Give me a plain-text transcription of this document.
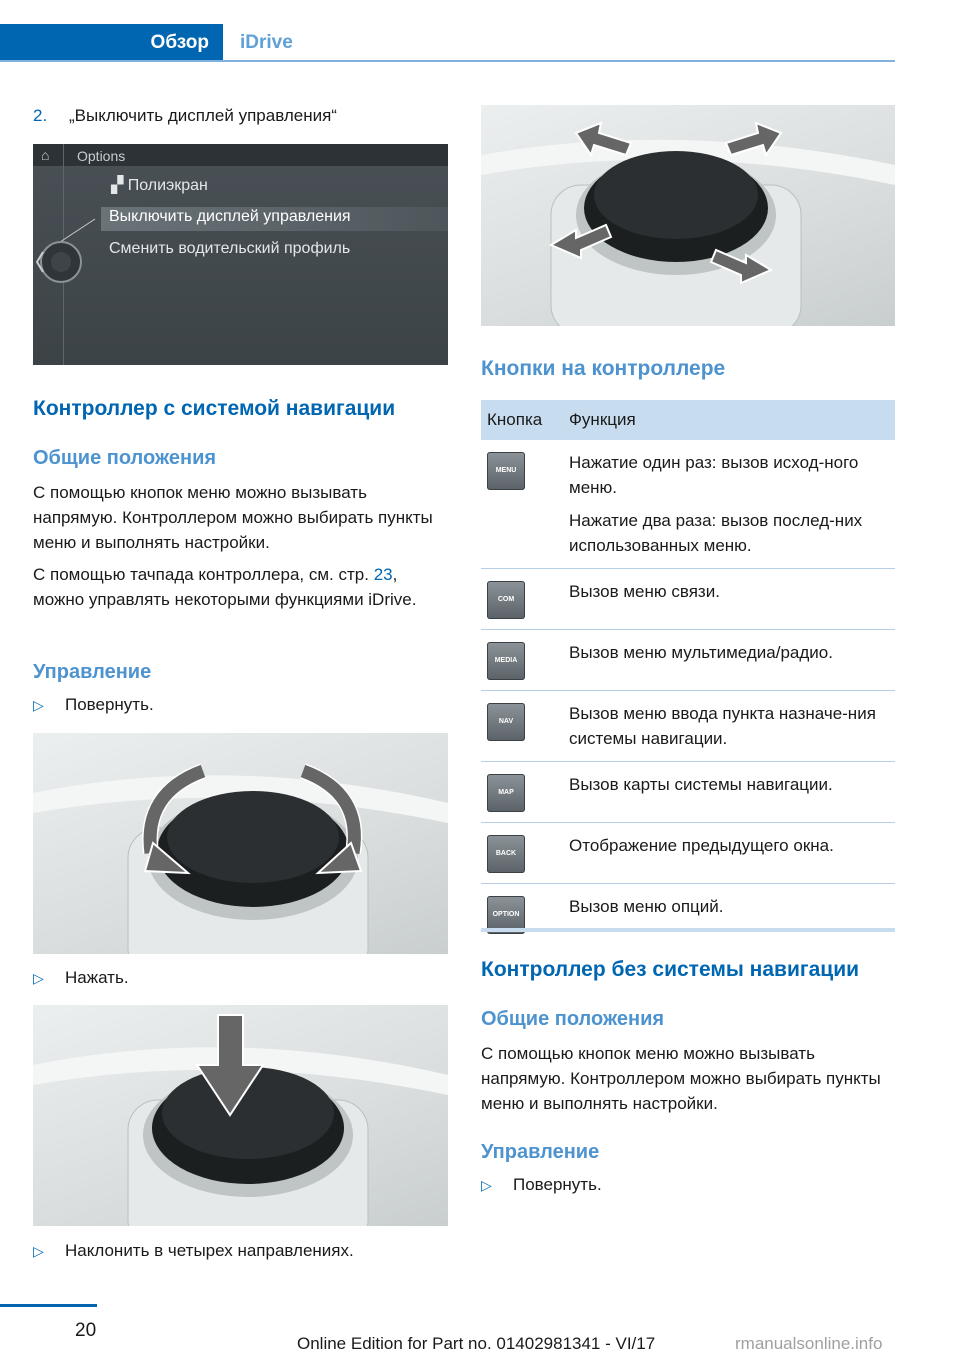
Обзор	iDrive
2. „Выключить дисплей управления“
⌂ Options
▞ Полиэкран
Выключить дисплей управления
Сменить водительский профиль
Контроллер с системой навигации
Общие положения
С помощью кнопок меню можно вызывать напрямую. Контроллером можно выбирать пункты меню и выполнять настройки.
С помощью тачпада контроллера, см. стр. 23, можно управлять некоторыми функциями iDrive.
Управление
▷ Повернуть.
▷ Нажать.
▷ Наклонить в четырех направлениях.
Кнопки на контроллере
Кнопка	Функция

MENU	Нажатие один раз: вызов исход-ного меню.
Нажатие два раза: вызов послед-них использованных меню.

COM	Вызов меню связи.

MEDIA	Вызов меню мультимедиа/радио.

NAV	Вызов меню ввода пункта назначе-ния системы навигации.

MAP	Вызов карты системы навигации.

BACK	Отображение предыдущего окна.

OPTION	Вызов меню опций.
Контроллер без системы навигации
Общие положения
С помощью кнопок меню можно вызывать напрямую. Контроллером можно выбирать пункты меню и выполнять настройки.
Управление
▷ Повернуть.
20
Online Edition for Part no. 01402981341 - VI/17	rmanualsonline.info
